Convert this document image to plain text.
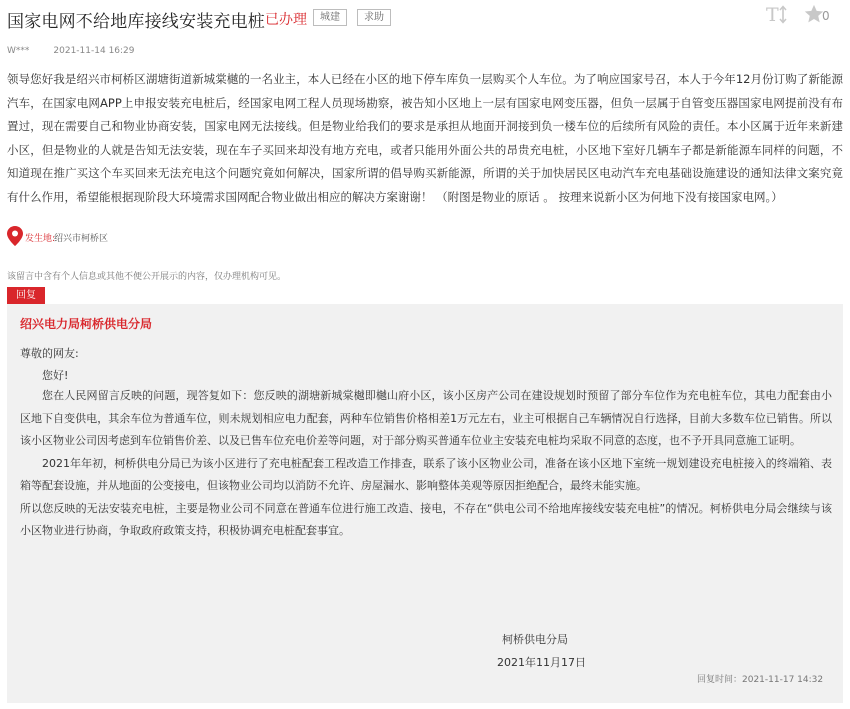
国家电网不给地库接线安装充电桩 已办理	城建	求助	T	0
W***	2021-11-14 16:29
领导您好我是绍兴市柯桥区湖塘街道新城棠樾的一名业主，本人已经在小区的地下停车库负一层购买个人车位。为了响应国家号召，本人于今年12月份订购了新能源汽车，在国家电网APP上申报安装充电桩后，经国家电网工程人员现场勘察，被告知小区地上一层有国家电网变压器，但负一层属于自管变压器国家电网提前没有布置过，现在需要自己和物业协商安装，国家电网无法接线。但是物业给我们的要求是承担从地面开洞接到负一楼车位的后续所有风险的责任。本小区属于近年来新建小区，但是物业的人就是告知无法安装，现在车子买回来却没有地方充电，或者只能用外面公共的昂贵充电桩，小区地下室好几辆车子都是新能源车同样的问题，不知道现在推广买这个车买回来无法充电这个问题究竟如何解决，国家所谓的倡导购买新能源，所谓的关于加快居民区电动汽车充电基础设施建设的通知法律文案究竟有什么作用，希望能根据现阶段大环境需求国网配合物业做出相应的解决方案谢谢！ （附图是物业的原话 。 按理来说新小区为何地下没有接国家电网。）
发生地:
绍兴市柯桥区
该留言中含有个人信息或其他不便公开展示的内容，仅办理机构可见。
回复
绍兴电力局柯桥供电分局
尊敬的网友:
您好!

您在人民网留言反映的问题，现答复如下：您反映的湖塘新城棠樾即樾山府小区，该小区房产公司在建设规划时预留了部分车位作为充电桩车位，其电力配套由小区地下自变供电，其余车位为普通车位，则未规划相应电力配套，两种车位销售价格相差1万元左右，业主可根据自己车辆情况自行选择，目前大多数车位已销售。所以该小区物业公司因考虑到车位销售价差、以及已售车位充电价差等问题，对于部分购买普通车位业主安装充电桩均采取不同意的态度，也不予开具同意施工证明。

2021年年初，柯桥供电分局已为该小区进行了充电桩配套工程改造工作排查，联系了该小区物业公司，准备在该小区地下室统一规划建设充电桩接入的终端箱、表箱等配套设施，并从地面的公变接电，但该物业公司均以消防不允许、房屋漏水、影响整体美观等原因拒绝配合，最终未能实施。

所以您反映的无法安装充电桩，主要是物业公司不同意在普通车位进行施工改造、接电，不存在“供电公司不给地库接线安装充电桩”的情况。柯桥供电分局会继续与该小区物业进行协商，争取政府政策支持，积极协调充电桩配套事宜。

柯桥供电分局
2021年11月17日
回复时间：2021-11-17 14:32
